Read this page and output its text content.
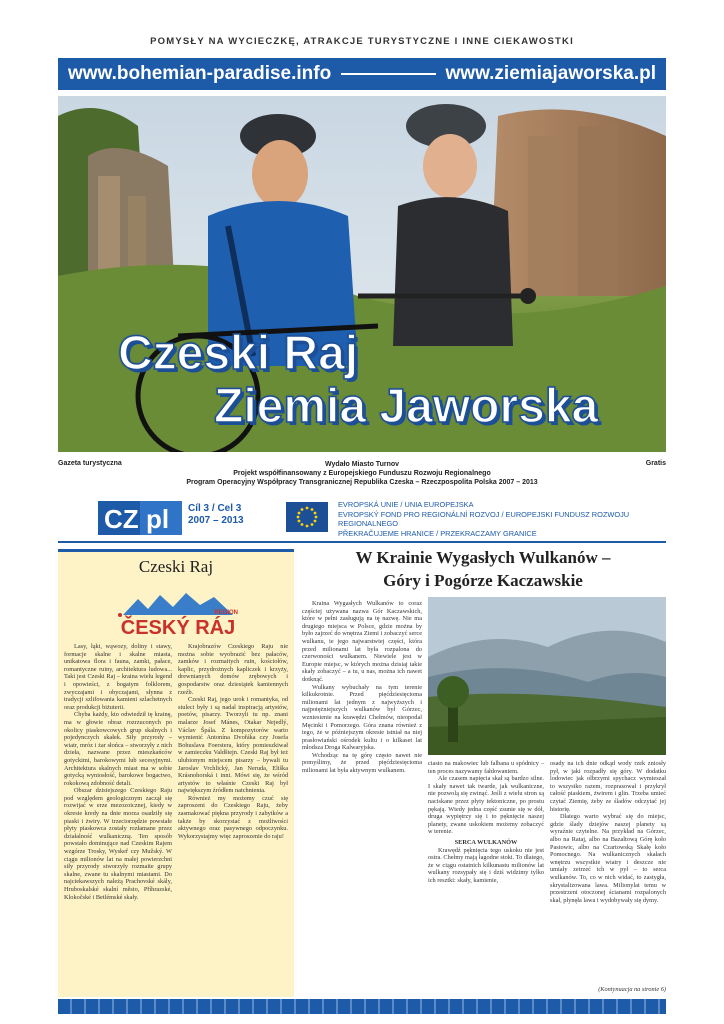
POMYSŁY NA WYCIECZKĘ, ATRAKCJE TURYSTYCZNE I INNE CIEKAWOSTKI
www.bohemian-paradise.info	www.ziemiajaworska.pl
Czeski Raj
Ziemia Jaworska
Gazeta turystyczna	Gratis
Wydało Miasto Turnov
Projekt współfinansowany z Europejskiego Funduszu Rozwoju Regionalnego
Program Operacyjny Współpracy Transgranicznej Republika Czeska – Rzeczpospolita Polska 2007 – 2013
CZ pl Cíl 3 / Cel 3
2007 – 2013
EVROPSKÁ UNIE / UNIA EUROPEJSKA
EVROPSKÝ FOND PRO REGIONÁLNÍ ROZVOJ / EUROPEJSKI FUNDUSZ ROZWOJU REGIONALNEGO
PŘEKRAČUJEME HRANICE / PRZEKRACZAMY GRANICE
Czeski Raj
REGION
ČESKÝ RÁJ

Lasy, łąki, wąwozy, doliny i stawy, formacje skalne i skalne miasta, unikatowa flora i fauna, zamki, pałace, romantyczne ruiny, architektura ludowa... Taki jest Czeski Raj – kraina wielu legend i opowieści, z bogatym folklorem, zwyczajami i obyczajami, słynna z tradycji szlifowania kamieni szlachetnych oraz produkcji biżuterii.

Chyba każdy, kto odwiedził tę krainę, ma w głowie obraz rozrzuconych po okolicy piaskowcowych grup skalnych i pojedynczych skałek. Siły przyrody – wiatr, mróz i żar słońca – stworzyły z nich dzieła, nazwane przez mieszkańców gotyckimi, barokowymi lub secesyjnymi. Architektura skalnych miast ma w sobie gotycką wyniosłość, barokowe bogactwo, rokokową zdobność detali.

Obszar dzisiejszego Czeskiego Raju pod względem geologicznym zaczął się rozwijać w erze mezozoicznej, kiedy w okresie kredy na dnie morza osadziły się piaski i żwiry. W trzeciorzędzie powstałe płyty piaskowca zostały rozłamane przez działalność wulkaniczną. Ten sposób powstało dominujące nad Czeskim Rajem wzgórze Trosky, Wyskeř czy Mužský. W ciągu milionów lat na małej powierzchni siły przyrody stworzyły rozmaite grupy skalne, zwane tu skalnymi miastami. Do najciekawszych należą Prachovské skály, Hruboskalské skalní město, Příhrazské, Klokočské i Betlémské skały.

Krajobrazów Czeskiego Raju nie można sobie wyobrazić bez pałaców, zamków i rozmaitych ruin, kościołów, kaplic, przydrożnych kapliczek i krzyży, drewnianych domów zrębowych i gospodarstw oraz dziesiątek kamiennych rzeźb.

Czeski Raj, jego urok i romantyka, od stuleci były i są nadal inspiracją artystów, poetów, pisarzy. Tworzyli tu np. znani malarze Josef Mánes, Otakar Nejedlý, Václav Špála. Z kompozytorów warto wymienić Antonína Dvořáka czy Josefa Bohuslava Foerstera, który pomieszkiwał w zamieczku Valdštejn. Czeski Raj był też ulubionym miejscem pisarzy – bywali tu Jaroslav Vrchlický, Jan Neruda, Eliška Krásnohorská i inni. Mówi się, że wśród artystów to właśnie Czeski Raj był największym źródłem natchnienia.

Również my możemy czuć się zaproszeni do Czeskiego Raju, żeby zasmakować piękna przyrody i zabytków a także by skorzystać z możliwości aktywnego oraz pasywnego odpoczynku. Wykorzystajmy więc zaproszenie do raju!

W Krainie Wygasłych Wulkanów –
Góry i Pogórze Kaczawskie

Kraina Wygasłych Wulkanów to coraz częściej używana nazwa Gór Kaczawskich, które w pełni zasługują na tę nazwę. Nie ma drugiego miejsca w Polsce, gdzie można by było zajrzeć do wnętrza Ziemi i zobaczyć serce wulkanu, te jego najwarstwiej części, która przed milionami lat była rozpalona do czerwoności wulkanem. Niewiele jest w Europie miejsc, w których można dzisiaj takie skały zobaczyć – a tu, u nas, można ich nawet dotknąć.

Wulkany wybuchały na tym terenie kilkukrotnie. Przed pięćdziesięcioma milionami lat jednym z najwyższych i najpotężniejszych wulkanów był Górzec, wzniesienie na krawędzi Chełmów, nieopodal Męcinki i Pomorzego. Góra znana również z tego, że w późniejszym okresie istniał na niej prasłowiański ośrodek kultu i o kilkaset lat młodsza Droga Kalwaryjska.

Wchodząc na tę górę często nawet nie pomyślimy, że przed pięćdziesięcioma milionami lat była aktywnym wulkanem.

ciasto na makowiec lub falbana u spódnicy – ten proces nazywamy fałdowaniem.

Ale czasem napięcia skał są bardzo silne. I skały nawet tak twarde, jak wulkaniczne, nie pozwolą się zwinąć. Jeśli z wielu stron są naciskane przez płyty tektoniczne, po prostu pękają. Wtedy jedna część zsunie się w dół, druga wypiętrzy się i to pęknięcie naszej planety, zwane uskokiem możemy zobaczyć w terenie.

SERCA WULKANÓW

Krawędź pęknięcia tego uskoku nie jest ostra. Chełmy mają łagodne stoki. To dlatego, że w ciągu ostatnich kilkunastu milionów lat wulkany rozsypały się i dziś widzimy tylko ich resztki: skały, kamienie,

osady na ich dnie odkąd wody rzek zniosły pył, w jaki rozpadły się góry. W dodatku lodowiec jak olbrzymi spychacz wymieszał to wszystko razem, rozprasował i przykrył całość piaskiem, żwirem i glin. Trzeba umieć czytać Ziemię, żeby ze śladów odczytać jej historię.

Dlatego warto wybrać się do miejsc, gdzie ślady dziejów naszej planety są wyraźnie czytelne. Na przykład na Górzec, albo na Rataj, albo na Bazaltową Górę koło Pastowic, albo na Czartowską Skałę koło Pomocnego. Na wulkanicznych skałach wnętrzu wszystkie wiatry i deszcze nie umiały zetrzeć ich w pył – to serca wulkanów. To, co w nich widać, to zastygła, skrystalizowana lawa. Milionylat temu w przestrzeni otoczonej ścianami rozpalonych skał, płynęła lawa i wydobywały się dymy.

(Kontynuacja na stronie 6)
